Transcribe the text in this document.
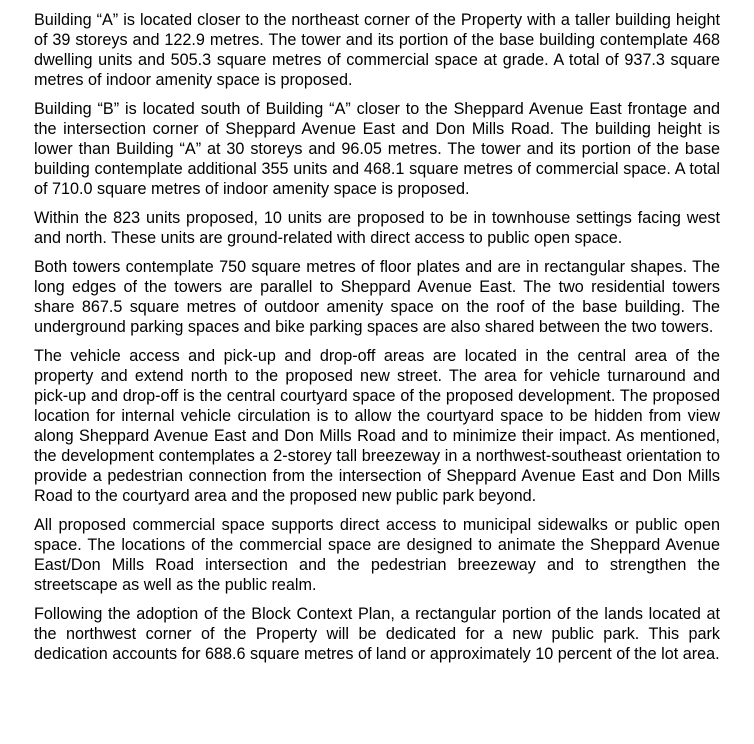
Building “A” is located closer to the northeast corner of the Property with a taller building height of 39 storeys and 122.9 metres. The tower and its portion of the base building contemplate 468 dwelling units and 505.3 square metres of commercial space at grade. A total of 937.3 square metres of indoor amenity space is proposed.

Building “B” is located south of Building “A” closer to the Sheppard Avenue East frontage and the intersection corner of Sheppard Avenue East and Don Mills Road. The building height is lower than Building “A” at 30 storeys and 96.05 metres. The tower and its portion of the base building contemplate additional 355 units and 468.1 square metres of commercial space. A total of 710.0 square metres of indoor amenity space is proposed.

Within the 823 units proposed, 10 units are proposed to be in townhouse settings facing west and north. These units are ground-related with direct access to public open space.

Both towers contemplate 750 square metres of floor plates and are in rectangular shapes. The long edges of the towers are parallel to Sheppard Avenue East. The two residential towers share 867.5 square metres of outdoor amenity space on the roof of the base building. The underground parking spaces and bike parking spaces are also shared between the two towers.

The vehicle access and pick-up and drop-off areas are located in the central area of the property and extend north to the proposed new street. The area for vehicle turnaround and pick-up and drop-off is the central courtyard space of the proposed development. The proposed location for internal vehicle circulation is to allow the courtyard space to be hidden from view along Sheppard Avenue East and Don Mills Road and to minimize their impact. As mentioned, the development contemplates a 2-storey tall breezeway in a northwest-southeast orientation to provide a pedestrian connection from the intersection of Sheppard Avenue East and Don Mills Road to the courtyard area and the proposed new public park beyond.

All proposed commercial space supports direct access to municipal sidewalks or public open space. The locations of the commercial space are designed to animate the Sheppard Avenue East/Don Mills Road intersection and the pedestrian breezeway and to strengthen the streetscape as well as the public realm.

Following the adoption of the Block Context Plan, a rectangular portion of the lands located at the northwest corner of the Property will be dedicated for a new public park. This park dedication accounts for 688.6 square metres of land or approximately 10 percent of the lot area.
